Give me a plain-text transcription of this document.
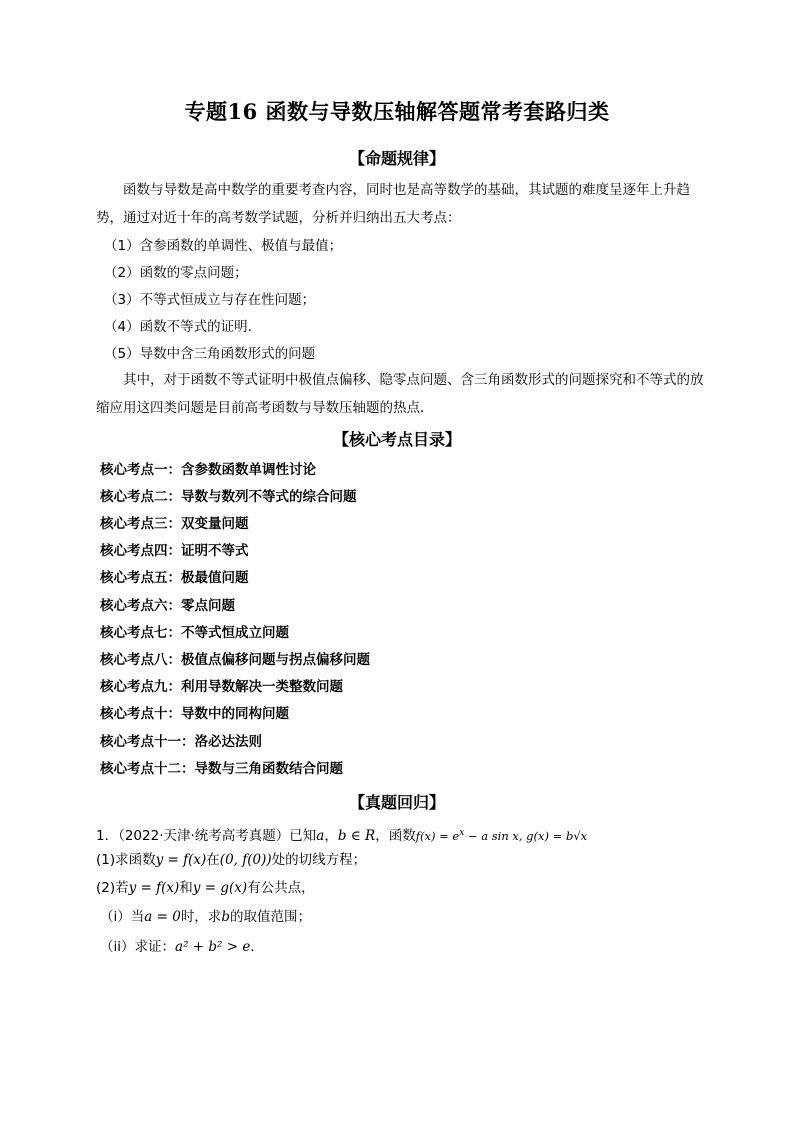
专题16 函数与导数压轴解答题常考套路归类
【命题规律】
函数与导数是高中数学的重要考查内容，同时也是高等数学的基础，其试题的难度呈逐年上升趋势，通过对近十年的高考数学试题，分析并归纳出五大考点：
（1）含参函数的单调性、极值与最值；
（2）函数的零点问题；
（3）不等式恒成立与存在性问题；
（4）函数不等式的证明．
（5）导数中含三角函数形式的问题
其中，对于函数不等式证明中极值点偏移、隐零点问题、含三角函数形式的问题探究和不等式的放缩应用这四类问题是目前高考函数与导数压轴题的热点．
【核心考点目录】
核心考点一：含参数函数单调性讨论
核心考点二：导数与数列不等式的综合问题
核心考点三：双变量问题
核心考点四：证明不等式
核心考点五：极最值问题
核心考点六：零点问题
核心考点七：不等式恒成立问题
核心考点八：极值点偏移问题与拐点偏移问题
核心考点九：利用导数解决一类整数问题
核心考点十：导数中的同构问题
核心考点十一：洛必达法则
核心考点十二：导数与三角函数结合问题
【真题回归】
1．（2022·天津·统考高考真题）已知a，b ∈ R，函数$f(x) = e^x - a$ sin x, g(x) = b√x
(1)求函数y = f(x)在(0, f(0))处的切线方程；
(2)若y = f(x)和y = g(x)有公共点，
（i）当a = 0时，求b的取值范围；
（ii）求证：a² + b² > e．
